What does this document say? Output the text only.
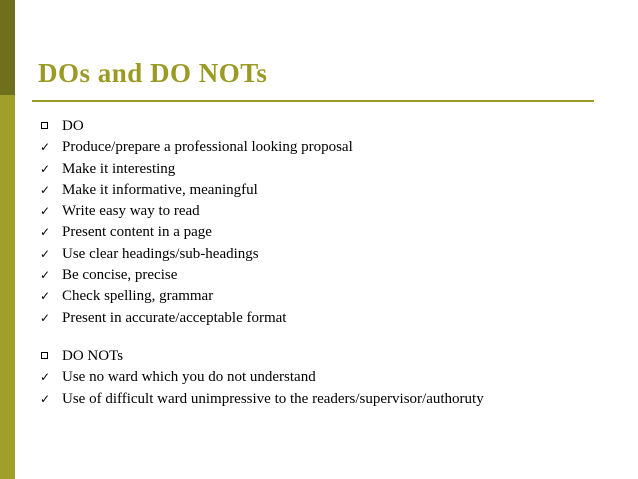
DOs and DO NOTs
DO
✓ Produce/prepare a professional looking proposal
✓ Make it interesting
✓ Make it informative, meaningful
✓ Write easy way to read
✓ Present content in a page
✓ Use clear headings/sub-headings
✓ Be concise, precise
✓ Check spelling, grammar
✓ Present in accurate/acceptable format
DO NOTs
✓ Use no ward which you do not understand
✓ Use of difficult ward unimpressive to the readers/supervisor/authoruty
